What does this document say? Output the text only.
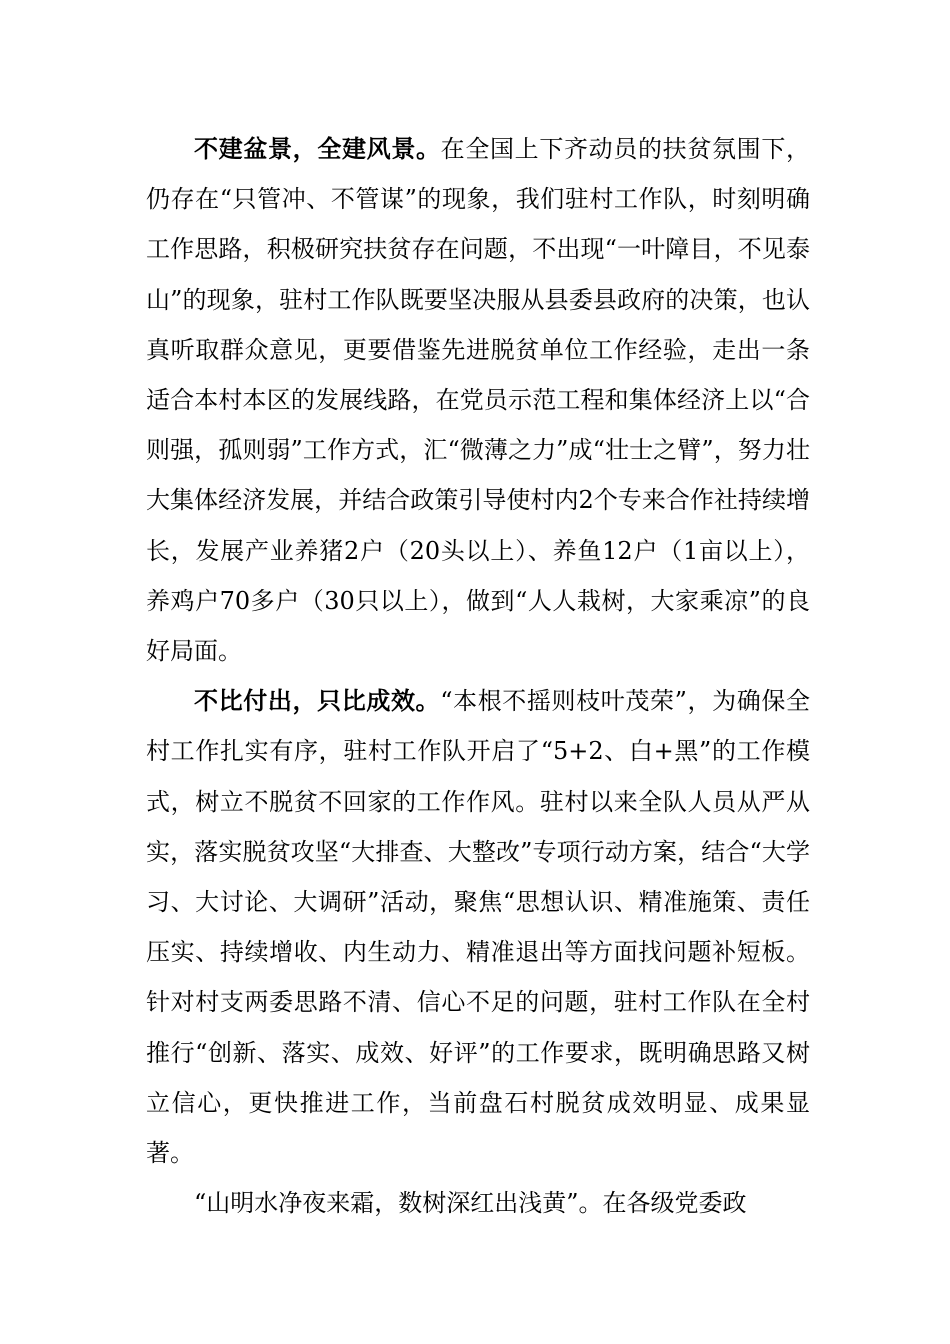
不建盆景，全建风景。在全国上下齐动员的扶贫氛围下，仍存在“只管冲、不管谋”的现象，我们驻村工作队，时刻明确工作思路，积极研究扶贫存在问题，不出现“一叶障目，不见泰山”的现象，驻村工作队既要坚决服从县委县政府的决策，也认真听取群众意见，更要借鉴先进脱贫单位工作经验，走出一条适合本村本区的发展线路，在党员示范工程和集体经济上以“合则强，孤则弱”工作方式，汇“微薄之力”成“壮士之臂”，努力壮大集体经济发展，并结合政策引导使村内2个专来合作社持续增长，发展产业养猪2户（20头以上）、养鱼12户（1亩以上），养鸡户70多户（30只以上），做到“人人栽树，大家乘凉”的良好局面。

不比付出，只比成效。“本根不摇则枝叶茂荣”，为确保全村工作扎实有序，驻村工作队开启了“5+2、白+黑”的工作模式，树立不脱贫不回家的工作作风。驻村以来全队人员从严从实，落实脱贫攻坚“大排查、大整改”专项行动方案，结合“大学习、大讨论、大调研”活动，聚焦“思想认识、精准施策、责任压实、持续增收、内生动力、精准退出等方面找问题补短板。针对村支两委思路不清、信心不足的问题，驻村工作队在全村推行“创新、落实、成效、好评”的工作要求，既明确思路又树立信心，更快推进工作，当前盘石村脱贫成效明显、成果显著。

“山明水净夜来霜，数树深红出浅黄”。在各级党委政
